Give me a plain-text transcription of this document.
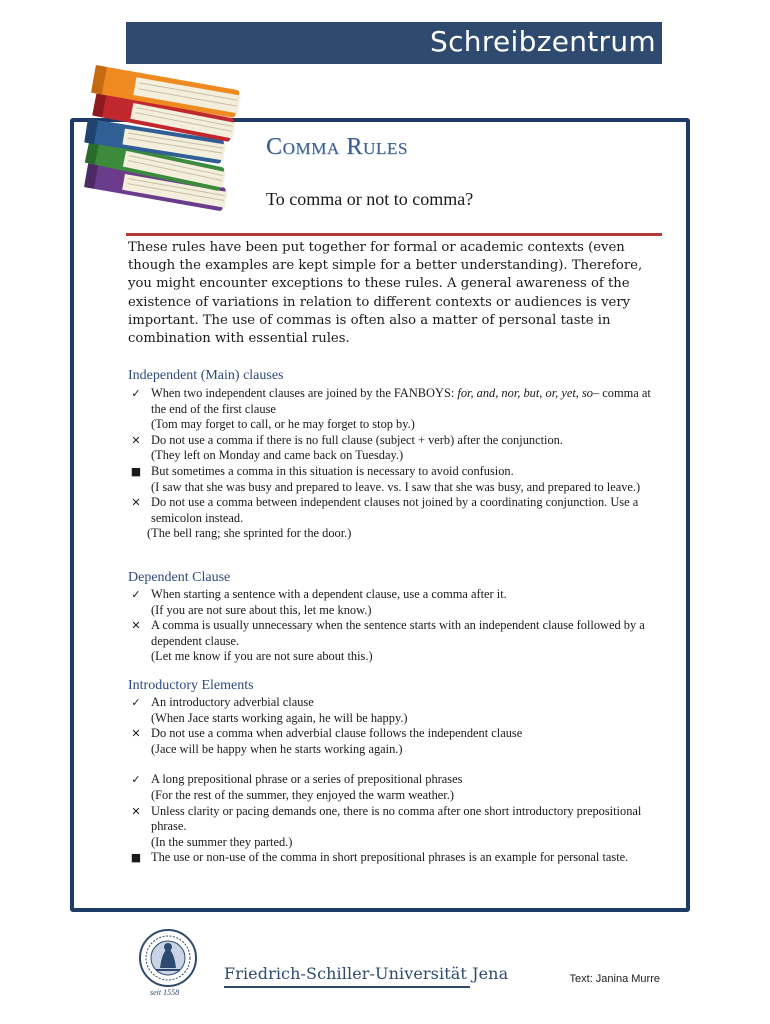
Schreibzentrum
Comma Rules
To comma or not to comma?
These rules have been put together for formal or academic contexts (even though the examples are kept simple for a better understanding). Therefore, you might encounter exceptions to these rules. A general awareness of the existence of variations in relation to different contexts or audiences is very important. The use of commas is often also a matter of personal taste in combination with essential rules.
Independent (Main) clauses
✓ When two independent clauses are joined by the FANBOYS: for, and, nor, but, or, yet, so– comma at the end of the first clause
(Tom may forget to call, or he may forget to stop by.)
✕ Do not use a comma if there is no full clause (subject + verb) after the conjunction.
(They left on Monday and came back on Tuesday.)
■ But sometimes a comma in this situation is necessary to avoid confusion.
(I saw that she was busy and prepared to leave. vs. I saw that she was busy, and prepared to leave.)
✕ Do not use a comma between independent clauses not joined by a coordinating conjunction. Use a semicolon instead.
(The bell rang; she sprinted for the door.)
Dependent Clause
✓ When starting a sentence with a dependent clause, use a comma after it.
(If you are not sure about this, let me know.)
✕ A comma is usually unnecessary when the sentence starts with an independent clause followed by a dependent clause.
(Let me know if you are not sure about this.)
Introductory Elements
✓ An introductory adverbial clause
(When Jace starts working again, he will be happy.)
✕ Do not use a comma when adverbial clause follows the independent clause
(Jace will be happy when he starts working again.)
✓ A long prepositional phrase or a series of prepositional phrases
(For the rest of the summer, they enjoyed the warm weather.)
✕ Unless clarity or pacing demands one, there is no comma after one short introductory prepositional phrase.
(In the summer they parted.)
■ The use or non-use of the comma in short prepositional phrases is an example for personal taste.
seit 1558
Friedrich-Schiller-Universität Jena	Text: Janina Murre
